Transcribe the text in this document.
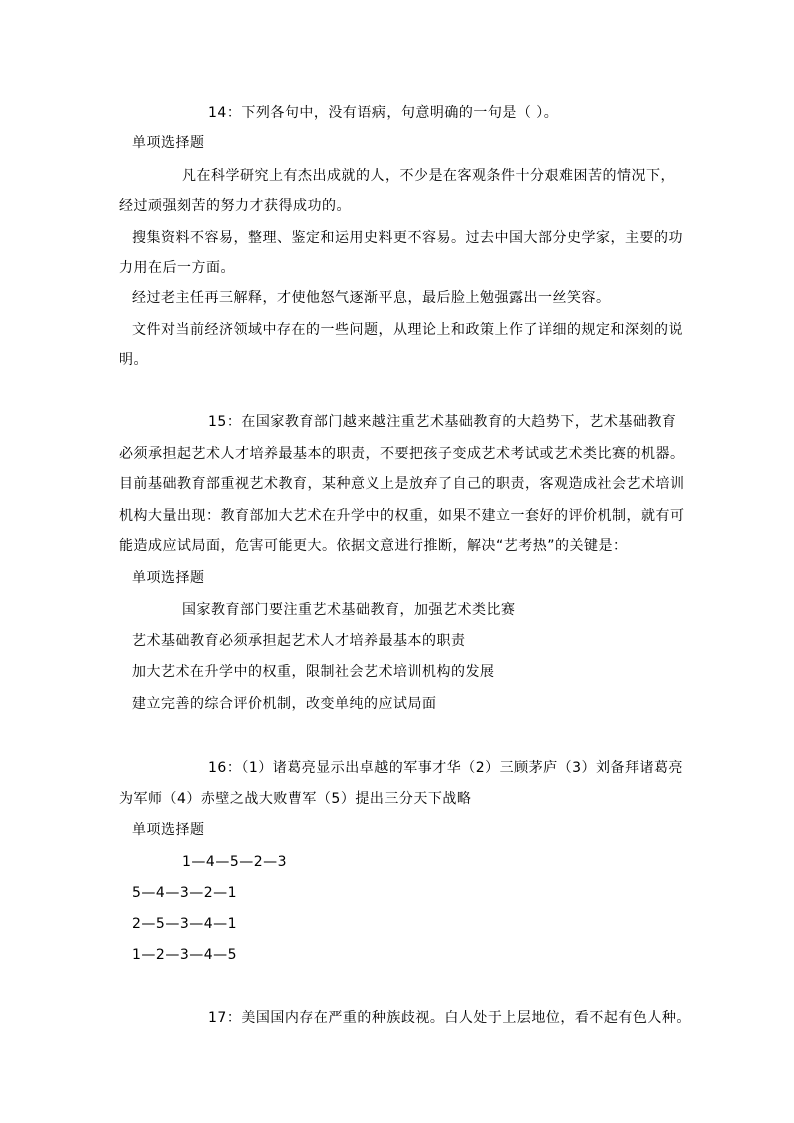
14：下列各句中，没有语病，句意明确的一句是（ ）。
单项选择题
凡在科学研究上有杰出成就的人，不少是在客观条件十分艰难困苦的情况下，
经过顽强刻苦的努力才获得成功的。
搜集资料不容易，整理、鉴定和运用史料更不容易。过去中国大部分史学家，主要的功
力用在后一方面。
经过老主任再三解释，才使他怒气逐渐平息，最后脸上勉强露出一丝笑容。
文件对当前经济领域中存在的一些问题，从理论上和政策上作了详细的规定和深刻的说
明。
15：在国家教育部门越来越注重艺术基础教育的大趋势下，艺术基础教育
必须承担起艺术人才培养最基本的职责，不要把孩子变成艺术考试或艺术类比赛的机器。
目前基础教育部重视艺术教育，某种意义上是放弃了自己的职责，客观造成社会艺术培训
机构大量出现：教育部加大艺术在升学中的权重，如果不建立一套好的评价机制，就有可
能造成应试局面，危害可能更大。依据文意进行推断，解决“艺考热”的关键是：
单项选择题
国家教育部门要注重艺术基础教育，加强艺术类比赛
艺术基础教育必须承担起艺术人才培养最基本的职责
加大艺术在升学中的权重，限制社会艺术培训机构的发展
建立完善的综合评价机制，改变单纯的应试局面
16：（1）诸葛亮显示出卓越的军事才华（2）三顾茅庐（3）刘备拜诸葛亮
为军师（4）赤壁之战大败曹军（5）提出三分天下战略
单项选择题
1—4—5—2—3
5—4—3—2—1
2—5—3—4—1
1—2—3—4—5
17：美国国内存在严重的种族歧视。白人处于上层地位，看不起有色人种。
